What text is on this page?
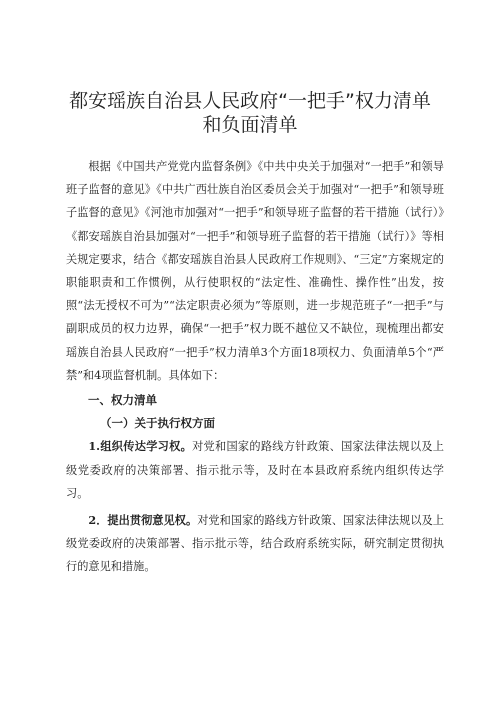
都安瑶族自治县人民政府“一把手”权力清单
和负面清单

根据《中国共产党党内监督条例》《中共中央关于加强对“一把手”和领导班子监督的意见》《中共广西壮族自治区委员会关于加强对“一把手”和领导班子监督的意见》《河池市加强对“一把手”和领导班子监督的若干措施（试行）》《都安瑶族自治县加强对“一把手”和领导班子监督的若干措施（试行）》等相关规定要求，结合《都安瑶族自治县人民政府工作规则》、“三定”方案规定的职能职责和工作惯例，从行使职权的“法定性、准确性、操作性”出发，按照“法无授权不可为”“法定职责必须为”等原则，进一步规范班子“一把手”与副职成员的权力边界，确保“一把手”权力既不越位又不缺位，现梳理出都安瑶族自治县人民政府“一把手”权力清单3个方面18项权力、负面清单5个“严禁”和4项监督机制。具体如下：

一、权力清单

（一）关于执行权方面

1.组织传达学习权。对党和国家的路线方针政策、国家法律法规以及上级党委政府的决策部署、指示批示等，及时在本县政府系统内组织传达学习。

2．提出贯彻意见权。对党和国家的路线方针政策、国家法律法规以及上级党委政府的决策部署、指示批示等，结合政府系统实际，研究制定贯彻执行的意见和措施。
